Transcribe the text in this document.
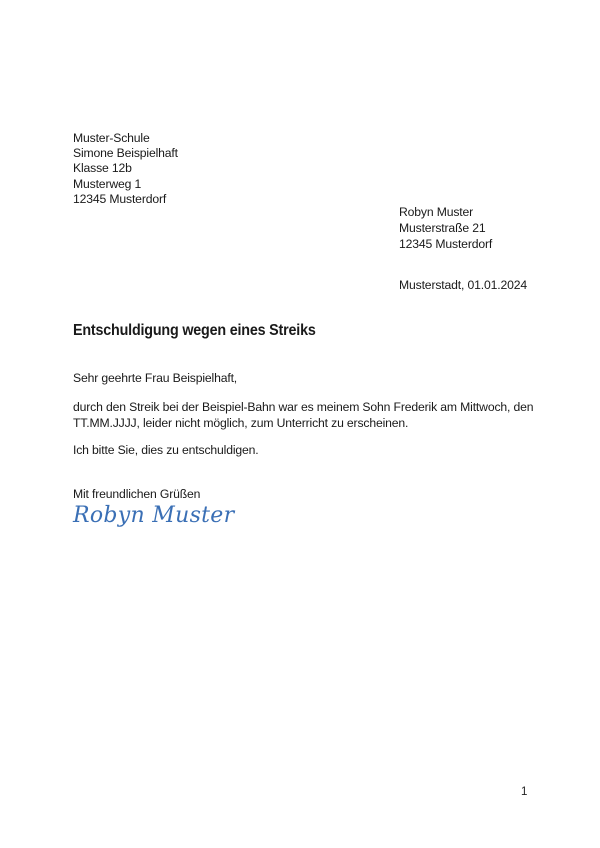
Muster-Schule
Simone Beispielhaft
Klasse 12b
Musterweg 1
12345 Musterdorf
Robyn Muster
Musterstraße 21
12345 Musterdorf
Musterstadt, 01.01.2024
Entschuldigung wegen eines Streiks
Sehr geehrte Frau Beispielhaft,
durch den Streik bei der Beispiel-Bahn war es meinem Sohn Frederik am Mittwoch, den
TT.MM.JJJJ, leider nicht möglich, zum Unterricht zu erscheinen.
Ich bitte Sie, dies zu entschuldigen.
Mit freundlichen Grüßen
Robyn Muster
1
